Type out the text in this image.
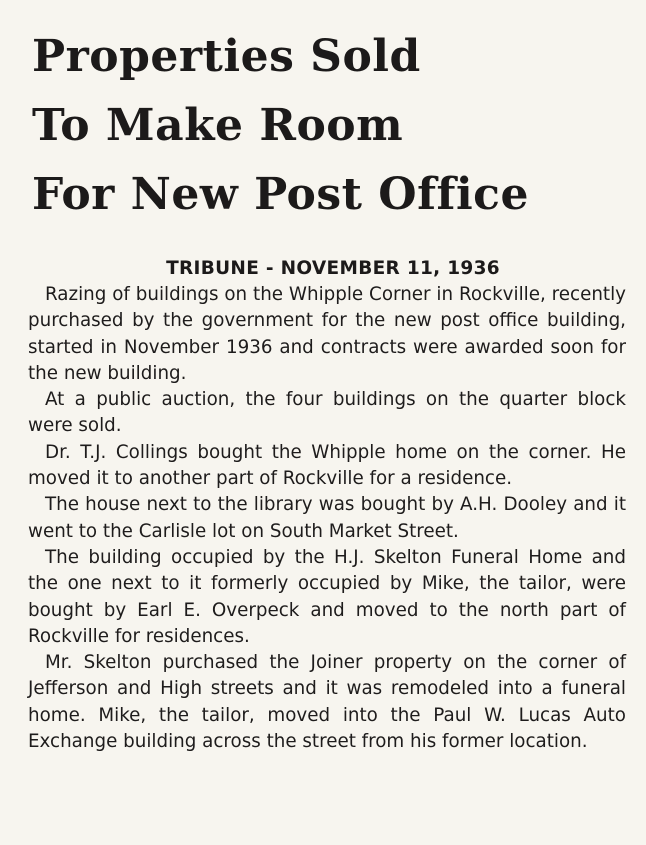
Properties Sold
To Make Room
For New Post Office
TRIBUNE - NOVEMBER 11, 1936

Razing of buildings on the Whipple Corner in Rockville, recently purchased by the government for the new post office building, started in November 1936 and contracts were awarded soon for the new building.

At a public auction, the four buildings on the quarter block were sold.

Dr. T.J. Collings bought the Whipple home on the corner. He moved it to another part of Rockville for a residence.

The house next to the library was bought by A.H. Dooley and it went to the Carlisle lot on South Market Street.

The building occupied by the H.J. Skelton Funeral Home and the one next to it formerly occupied by Mike, the tailor, were bought by Earl E. Overpeck and moved to the north part of Rockville for residences.

Mr. Skelton purchased the Joiner property on the corner of Jefferson and High streets and it was remodeled into a funeral home. Mike, the tailor, moved into the Paul W. Lucas Auto Exchange building across the street from his former location.
